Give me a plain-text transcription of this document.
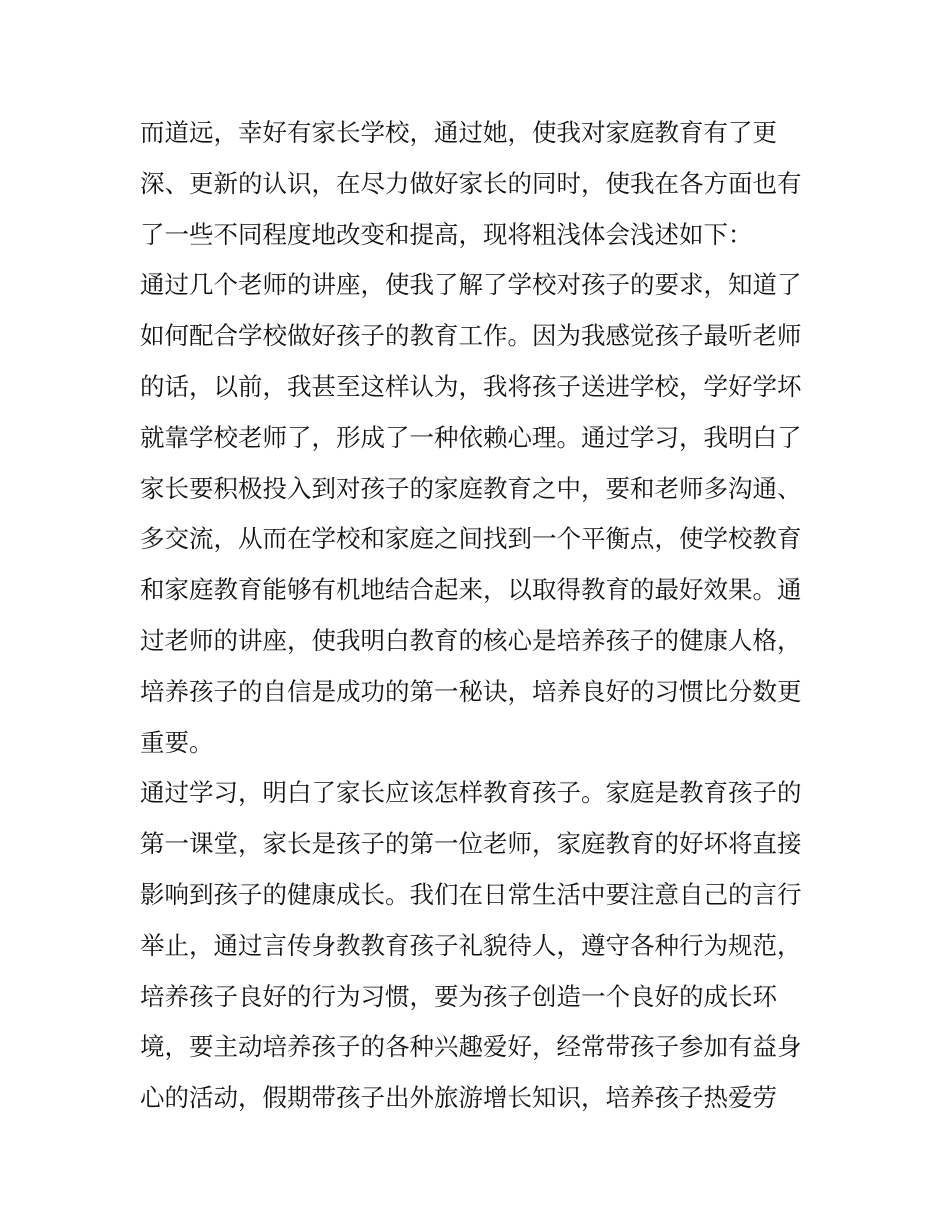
而道远，幸好有家长学校，通过她，使我对家庭教育有了更
深、更新的认识，在尽力做好家长的同时，使我在各方面也有
了一些不同程度地改变和提高，现将粗浅体会浅述如下：
通过几个老师的讲座，使我了解了学校对孩子的要求，知道了
如何配合学校做好孩子的教育工作。因为我感觉孩子最听老师
的话，以前，我甚至这样认为，我将孩子送进学校，学好学坏
就靠学校老师了，形成了一种依赖心理。通过学习，我明白了
家长要积极投入到对孩子的家庭教育之中，要和老师多沟通、
多交流，从而在学校和家庭之间找到一个平衡点，使学校教育
和家庭教育能够有机地结合起来，以取得教育的最好效果。通
过老师的讲座，使我明白教育的核心是培养孩子的健康人格，
培养孩子的自信是成功的第一秘诀，培养良好的习惯比分数更
重要。
通过学习，明白了家长应该怎样教育孩子。家庭是教育孩子的
第一课堂，家长是孩子的第一位老师，家庭教育的好坏将直接
影响到孩子的健康成长。我们在日常生活中要注意自己的言行
举止，通过言传身教教育孩子礼貌待人，遵守各种行为规范，
培养孩子良好的行为习惯，要为孩子创造一个良好的成长环
境，要主动培养孩子的各种兴趣爱好，经常带孩子参加有益身
心的活动，假期带孩子出外旅游增长知识，培养孩子热爱劳
